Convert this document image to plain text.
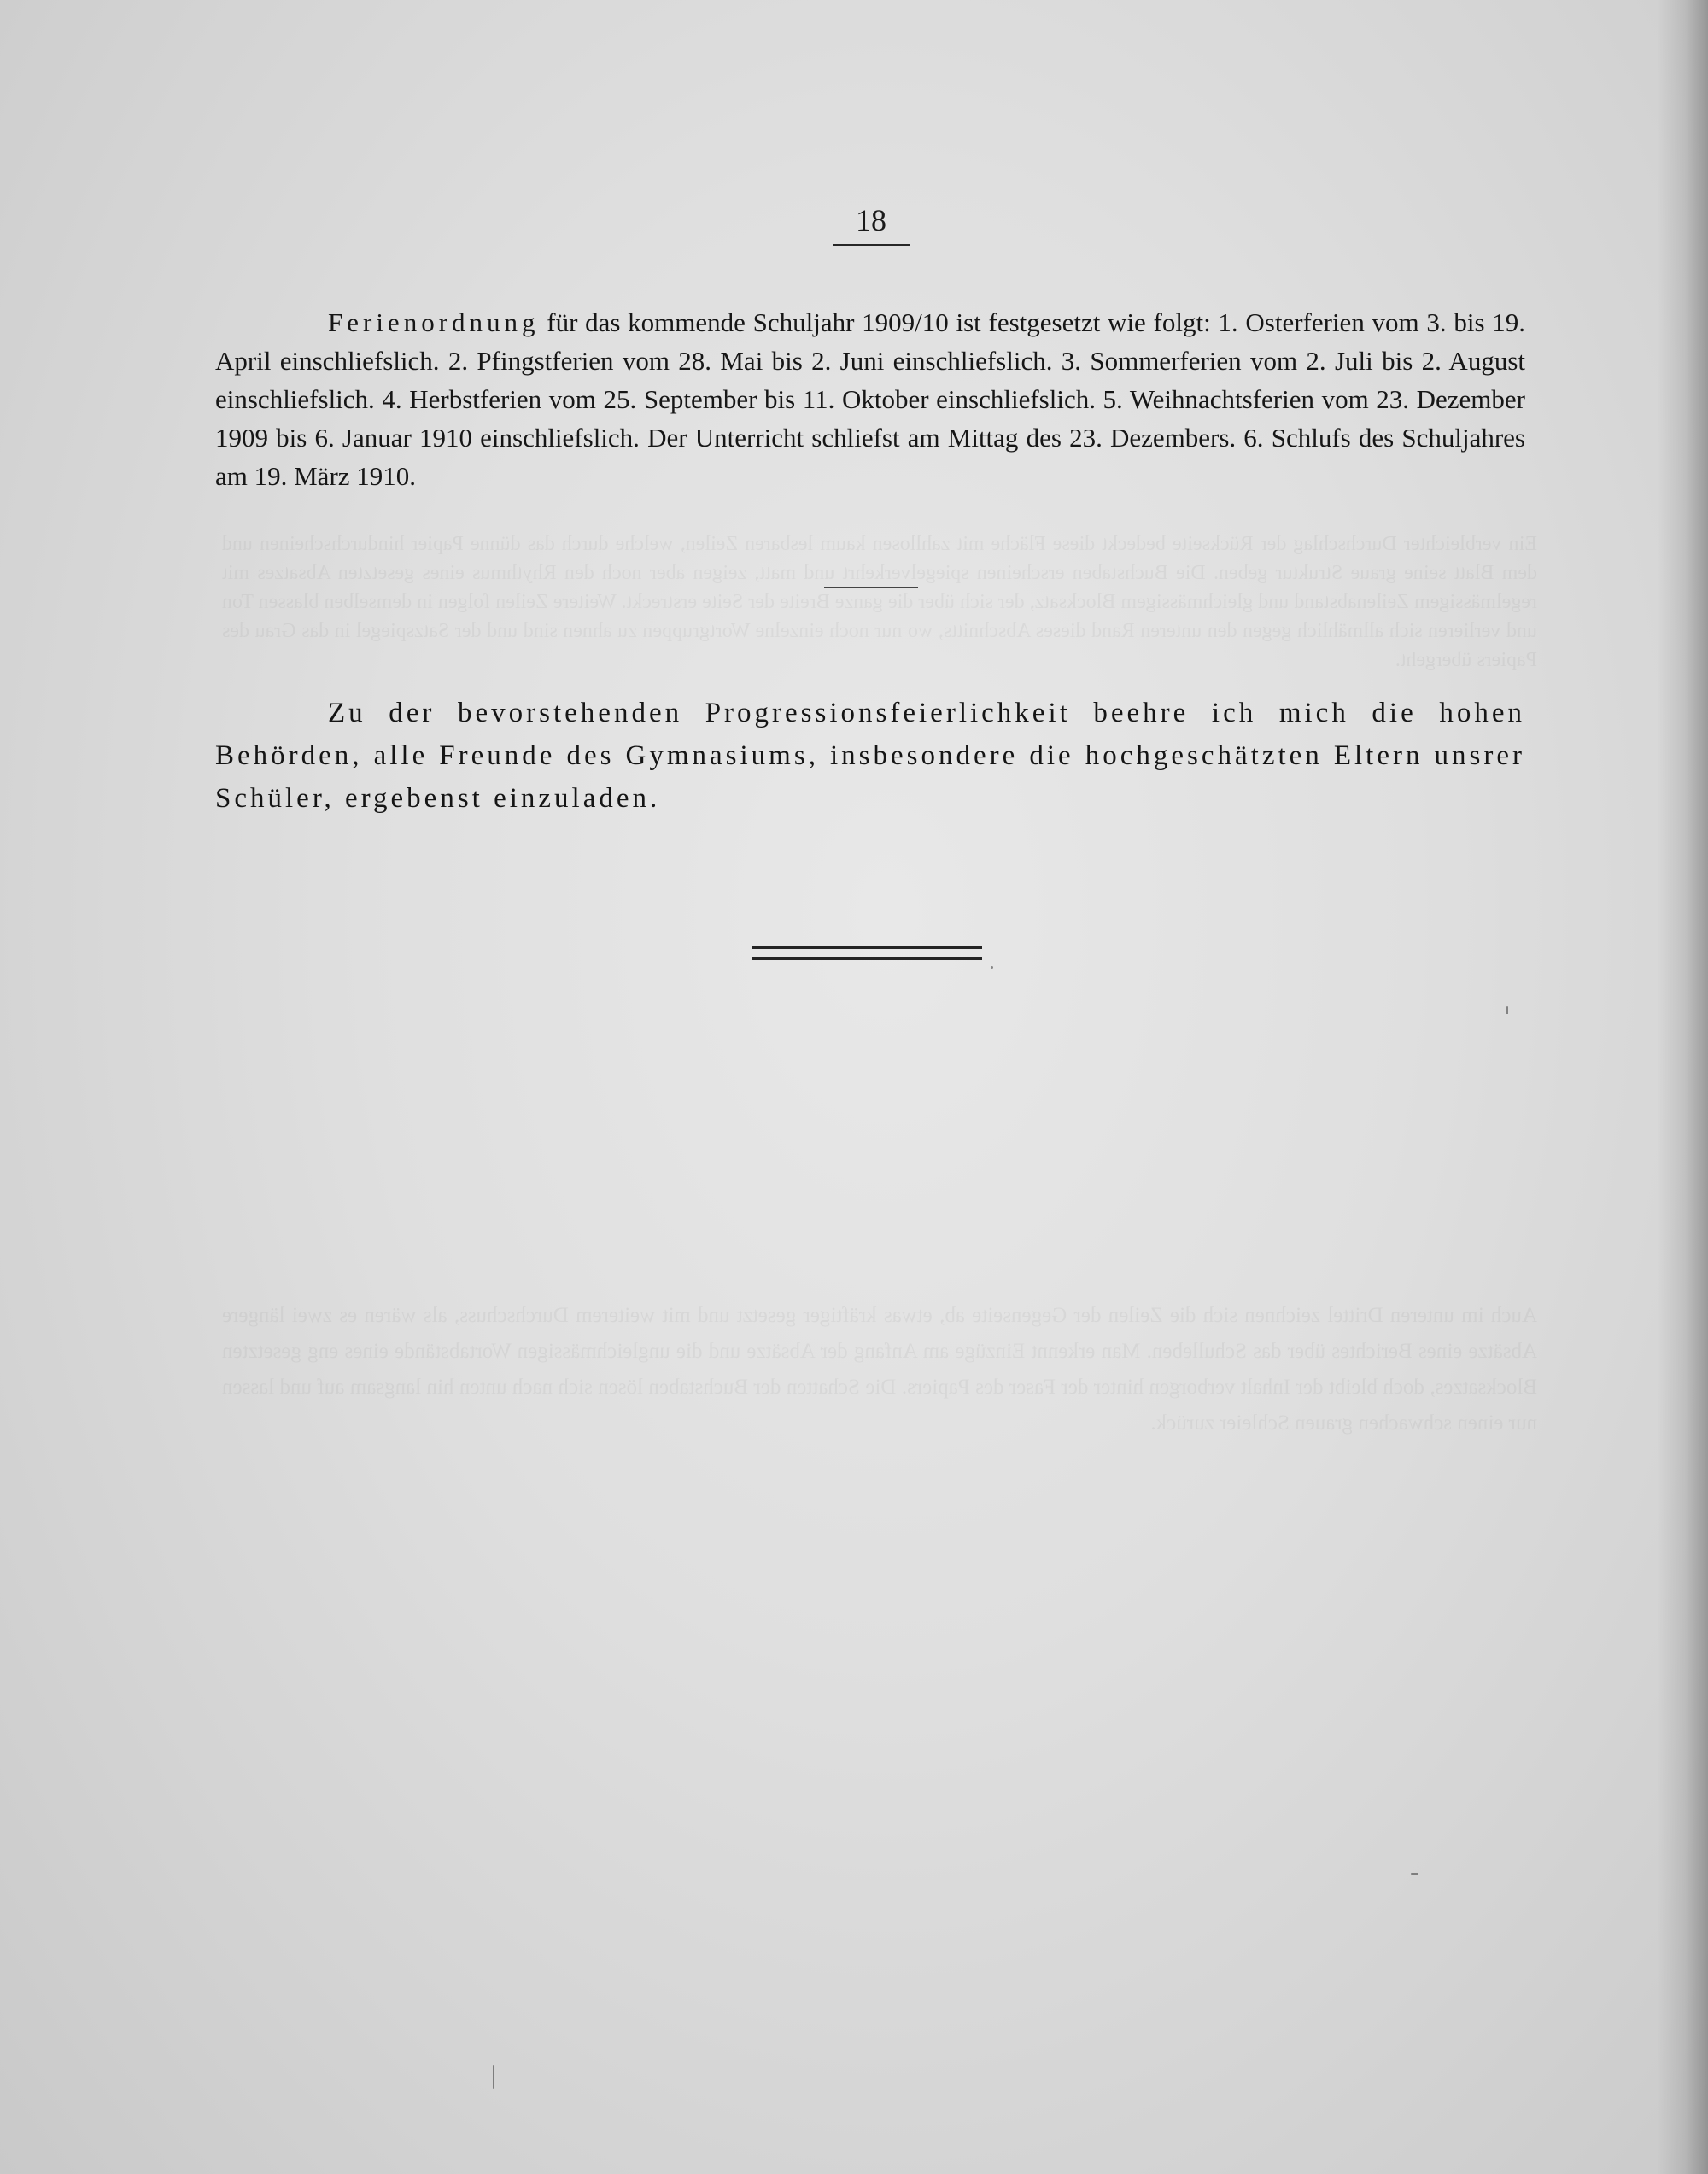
Ein verbleichter Durchschlag der Rückseite bedeckt diese Fläche mit zahllosen kaum lesbaren Zeilen, welche durch das dünne Papier hindurchscheinen und dem Blatt seine graue Struktur geben. Die Buchstaben erscheinen spiegelverkehrt und matt, zeigen aber noch den Rhythmus eines gesetzten Absatzes mit regelmässigem Zeilenabstand und gleichmässigem Blocksatz, der sich über die ganze Breite der Seite erstreckt. Weitere Zeilen folgen in demselben blassen Ton und verlieren sich allmählich gegen den unteren Rand dieses Abschnitts, wo nur noch einzelne Wortgruppen zu ahnen sind und der Satzspiegel in das Grau des Papiers übergeht.
Auch im unteren Drittel zeichnen sich die Zeilen der Gegenseite ab, etwas kräftiger gesetzt und mit weiterem Durchschuss, als wären es zwei längere Absätze eines Berichtes über das Schulleben. Man erkennt Einzüge am Anfang der Absätze und die ungleichmässigen Wortabstände eines eng gesetzten Blocksatzes, doch bleibt der Inhalt verborgen hinter der Faser des Papiers. Die Schatten der Buchstaben lösen sich nach unten hin langsam auf und lassen nur einen schwachen grauen Schleier zurück.
18

Ferienordnung für das kommende Schuljahr 1909/10 ist festgesetzt wie folgt: 1. Osterferien vom 3. bis 19. April einschliefslich. 2. Pfingstferien vom 28. Mai bis 2. Juni einschliefslich. 3. Sommerferien vom 2. Juli bis 2. August einschliefslich. 4. Herbstferien vom 25. September bis 11. Oktober einschliefslich. 5. Weihnachtsferien vom 23. Dezember 1909 bis 6. Januar 1910 einschliefslich. Der Unterricht schliefst am Mittag des 23. Dezembers. 6. Schlufs des Schuljahres am 19. März 1910.

Zu der bevorstehenden Progressionsfeierlichkeit beehre ich mich die hohen Behörden, alle Freunde des Gymnasiums, insbesondere die hochgeschätzten Eltern unsrer Schüler, ergebenst einzuladen.
